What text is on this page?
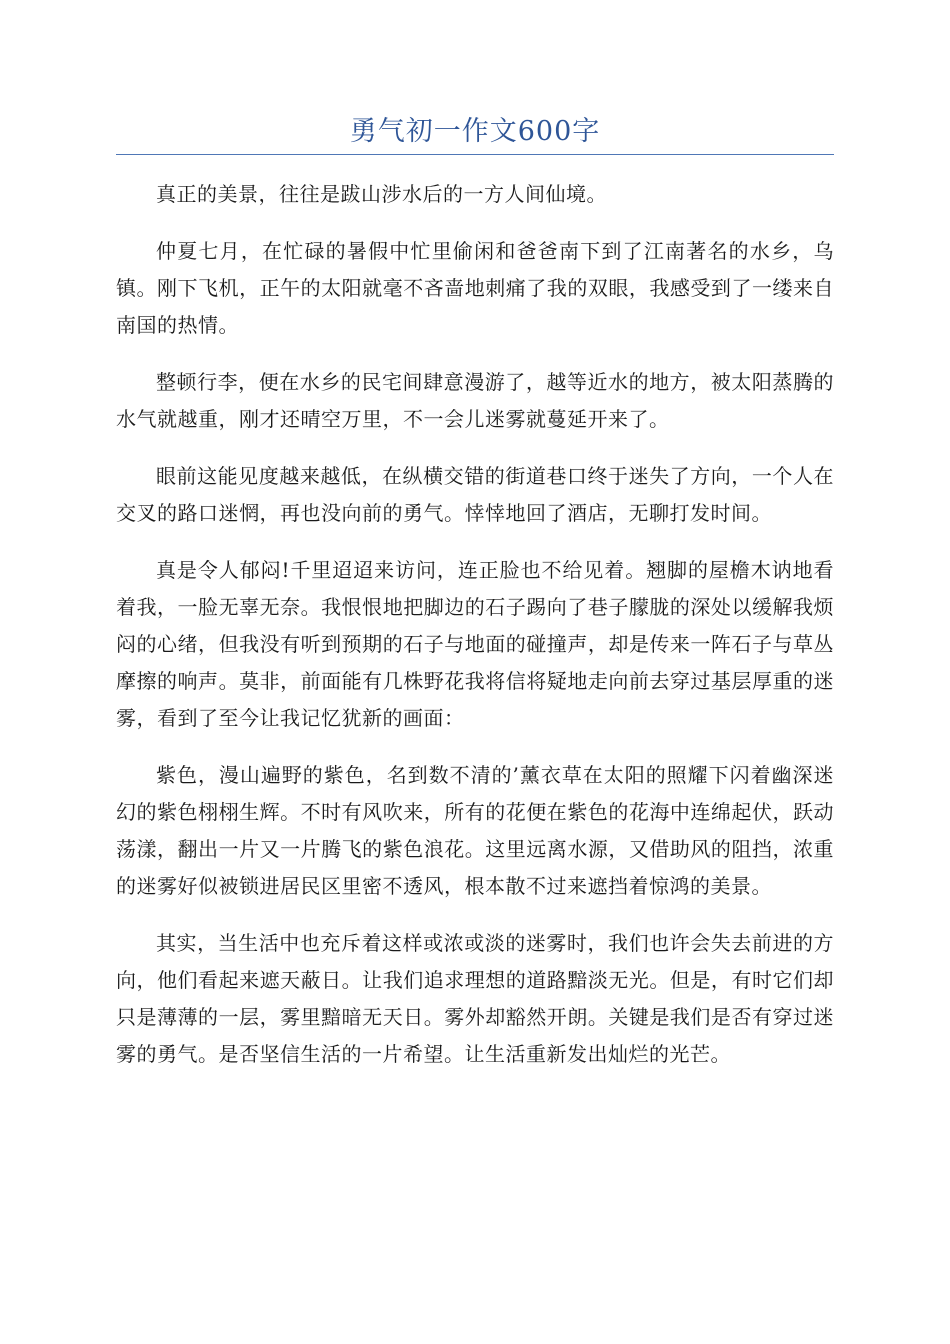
勇气初一作文600字

真正的美景，往往是跋山涉水后的一方人间仙境。

仲夏七月，在忙碌的暑假中忙里偷闲和爸爸南下到了江南著名的水乡，乌镇。刚下飞机，正午的太阳就毫不吝啬地刺痛了我的双眼，我感受到了一缕来自南国的热情。

整顿行李，便在水乡的民宅间肆意漫游了，越等近水的地方，被太阳蒸腾的水气就越重，刚才还晴空万里，不一会儿迷雾就蔓延开来了。

眼前这能见度越来越低，在纵横交错的街道巷口终于迷失了方向，一个人在交叉的路口迷惘，再也没向前的勇气。悻悻地回了酒店，无聊打发时间。

真是令人郁闷!千里迢迢来访问，连正脸也不给见着。翘脚的屋檐木讷地看着我，一脸无辜无奈。我恨恨地把脚边的石子踢向了巷子朦胧的深处以缓解我烦闷的心绪，但我没有听到预期的石子与地面的碰撞声，却是传来一阵石子与草丛摩擦的响声。莫非，前面能有几株野花我将信将疑地走向前去穿过基层厚重的迷雾，看到了至今让我记忆犹新的画面：

紫色，漫山遍野的紫色，名到数不清的’薰衣草在太阳的照耀下闪着幽深迷幻的紫色栩栩生辉。不时有风吹来，所有的花便在紫色的花海中连绵起伏，跃动荡漾，翻出一片又一片腾飞的紫色浪花。这里远离水源，又借助风的阻挡，浓重的迷雾好似被锁进居民区里密不透风，根本散不过来遮挡着惊鸿的美景。

其实，当生活中也充斥着这样或浓或淡的迷雾时，我们也许会失去前进的方向，他们看起来遮天蔽日。让我们追求理想的道路黯淡无光。但是，有时它们却只是薄薄的一层，雾里黯暗无天日。雾外却豁然开朗。关键是我们是否有穿过迷雾的勇气。是否坚信生活的一片希望。让生活重新发出灿烂的光芒。
